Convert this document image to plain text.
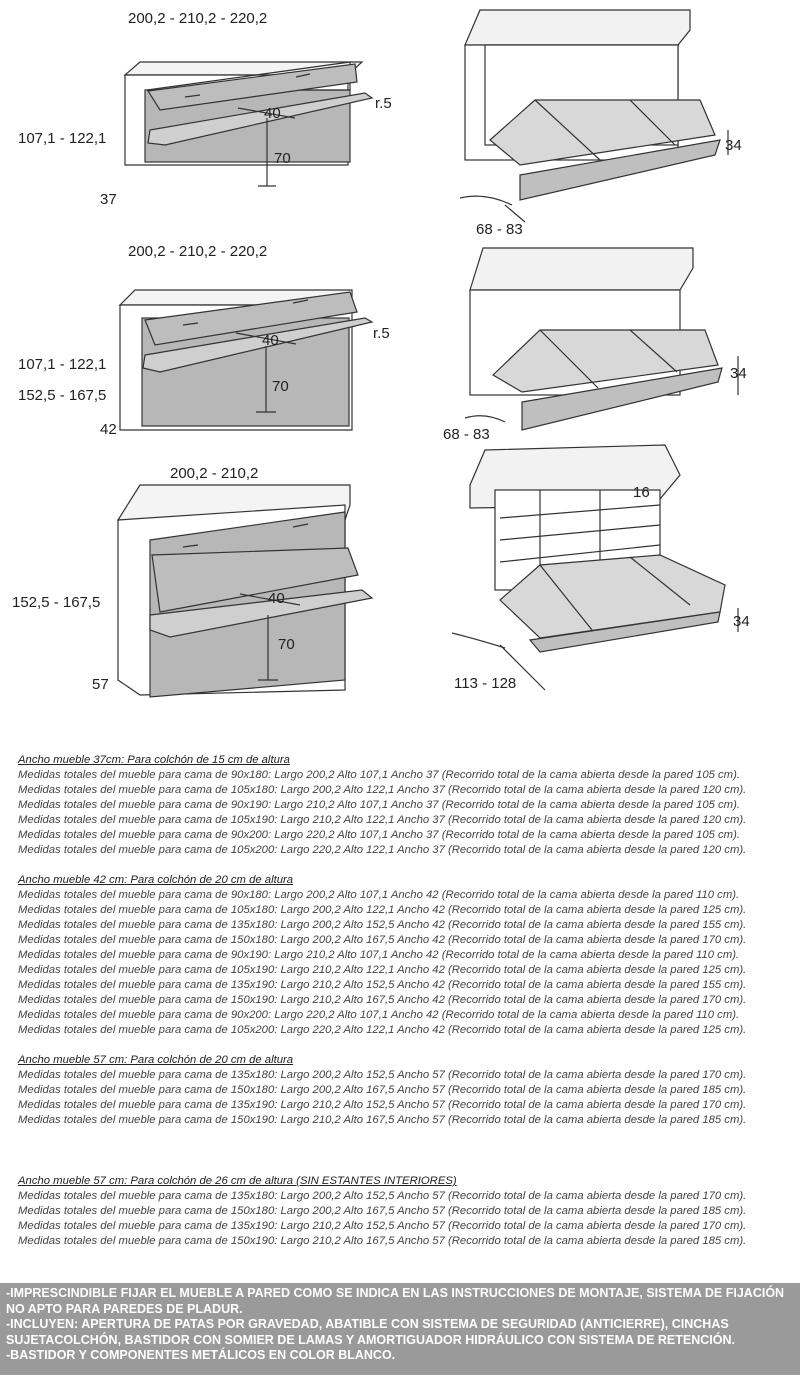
200,2 - 210,2 - 220,2
107,1 - 122,1
37
40
70
r.5
34
68 - 83
200,2 - 210,2 - 220,2
107,1 - 122,1
152,5 - 167,5
42
40
70
r.5
34
68 - 83
200,2 - 210,2
152,5 - 167,5
57
40
70
16
34
113 - 128
Ancho mueble 37cm: Para colchón de 15 cm de altura
Medidas totales del mueble para cama de 90x180: Largo 200,2 Alto 107,1 Ancho 37 (Recorrido total de la cama abierta desde la pared 105 cm).
Medidas totales del mueble para cama de 105x180: Largo 200,2 Alto 122,1 Ancho 37 (Recorrido total de la cama abierta desde la pared 120 cm).
Medidas totales del mueble para cama de 90x190: Largo 210,2 Alto 107,1 Ancho 37 (Recorrido total de la cama abierta desde la pared 105 cm).
Medidas totales del mueble para cama de 105x190: Largo 210,2 Alto 122,1 Ancho 37 (Recorrido total de la cama abierta desde la pared 120 cm).
Medidas totales del mueble para cama de 90x200: Largo 220,2 Alto 107,1 Ancho 37 (Recorrido total de la cama abierta desde la pared 105 cm).
Medidas totales del mueble para cama de 105x200: Largo 220,2 Alto 122,1 Ancho 37 (Recorrido total de la cama abierta desde la pared 120 cm).
Ancho mueble 42 cm: Para colchón de 20 cm de altura
Medidas totales del mueble para cama de 90x180: Largo 200,2 Alto 107,1 Ancho 42 (Recorrido total de la cama abierta desde la pared 110 cm).
Medidas totales del mueble para cama de 105x180: Largo 200,2 Alto 122,1 Ancho 42 (Recorrido total de la cama abierta desde la pared 125 cm).
Medidas totales del mueble para cama de 135x180: Largo 200,2 Alto 152,5 Ancho 42 (Recorrido total de la cama abierta desde la pared 155 cm).
Medidas totales del mueble para cama de 150x180: Largo 200,2 Alto 167,5 Ancho 42 (Recorrido total de la cama abierta desde la pared 170 cm).
Medidas totales del mueble para cama de 90x190: Largo 210,2 Alto 107,1 Ancho 42 (Recorrido total de la cama abierta desde la pared 110 cm).
Medidas totales del mueble para cama de 105x190: Largo 210,2 Alto 122,1 Ancho 42 (Recorrido total de la cama abierta desde la pared 125 cm).
Medidas totales del mueble para cama de 135x190: Largo 210,2 Alto 152,5 Ancho 42 (Recorrido total de la cama abierta desde la pared 155 cm).
Medidas totales del mueble para cama de 150x190: Largo 210,2 Alto 167,5 Ancho 42 (Recorrido total de la cama abierta desde la pared 170 cm).
Medidas totales del mueble para cama de 90x200: Largo 220,2 Alto 107,1 Ancho 42 (Recorrido total de la cama abierta desde la pared 110 cm).
Medidas totales del mueble para cama de 105x200: Largo 220,2 Alto 122,1 Ancho 42 (Recorrido total de la cama abierta desde la pared 125 cm).
Ancho mueble 57 cm: Para colchón de 20 cm de altura
Medidas totales del mueble para cama de 135x180: Largo 200,2 Alto 152,5 Ancho 57 (Recorrido total de la cama abierta desde la pared 170 cm).
Medidas totales del mueble para cama de 150x180: Largo 200,2 Alto 167,5 Ancho 57 (Recorrido total de la cama abierta desde la pared 185 cm).
Medidas totales del mueble para cama de 135x190: Largo 210,2 Alto 152,5 Ancho 57 (Recorrido total de la cama abierta desde la pared 170 cm).
Medidas totales del mueble para cama de 150x190: Largo 210,2 Alto 167,5 Ancho 57 (Recorrido total de la cama abierta desde la pared 185 cm).
Ancho mueble 57 cm: Para colchón de 26 cm de altura (SIN ESTANTES INTERIORES)
Medidas totales del mueble para cama de 135x180: Largo 200,2 Alto 152,5 Ancho 57 (Recorrido total de la cama abierta desde la pared 170 cm).
Medidas totales del mueble para cama de 150x180: Largo 200,2 Alto 167,5 Ancho 57 (Recorrido total de la cama abierta desde la pared 185 cm).
Medidas totales del mueble para cama de 135x190: Largo 210,2 Alto 152,5 Ancho 57 (Recorrido total de la cama abierta desde la pared 170 cm).
Medidas totales del mueble para cama de 150x190: Largo 210,2 Alto 167,5 Ancho 57 (Recorrido total de la cama abierta desde la pared 185 cm).
-IMPRESCINDIBLE FIJAR EL MUEBLE A PARED COMO SE INDICA EN LAS INSTRUCCIONES DE MONTAJE, SISTEMA DE FIJACIÓN NO APTO PARA PAREDES DE PLADUR.
-INCLUYEN: APERTURA DE PATAS POR GRAVEDAD, ABATIBLE CON SISTEMA DE SEGURIDAD (ANTICIERRE), CINCHAS SUJETACOLCHÓN, BASTIDOR CON SOMIER DE LAMAS Y AMORTIGUADOR HIDRÁULICO CON SISTEMA DE RETENCIÓN.
-BASTIDOR Y COMPONENTES METÁLICOS EN COLOR BLANCO.
